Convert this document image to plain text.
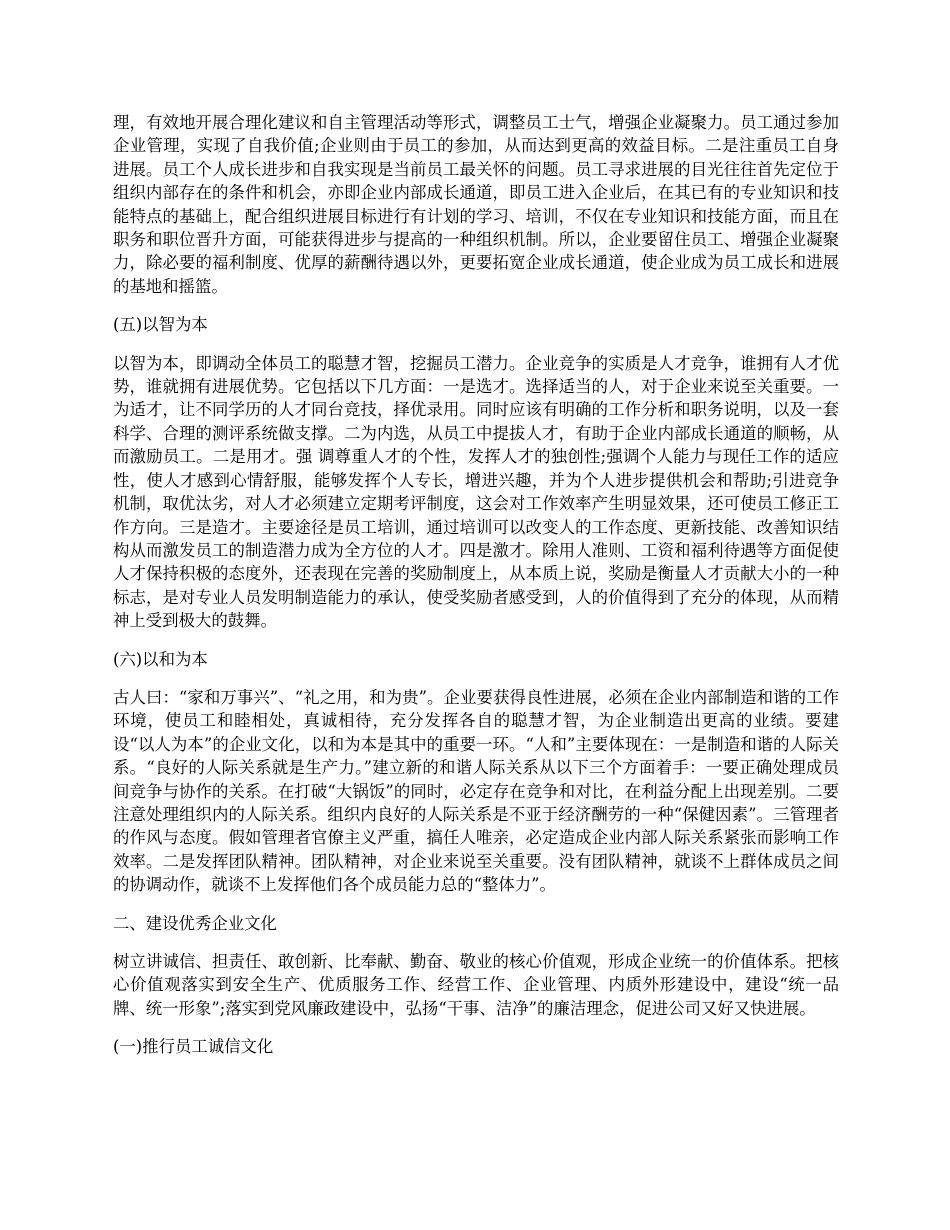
理，有效地开展合理化建议和自主管理活动等形式，调整员工士气，增强企业凝聚力。员工通过参加企业管理，实现了自我价值;企业则由于员工的参加，从而达到更高的效益目标。二是注重员工自身进展。员工个人成长进步和自我实现是当前员工最关怀的问题。员工寻求进展的目光往往首先定位于组织内部存在的条件和机会，亦即企业内部成长通道，即员工进入企业后，在其已有的专业知识和技能特点的基础上，配合组织进展目标进行有计划的学习、培训，不仅在专业知识和技能方面，而且在职务和职位晋升方面，可能获得进步与提高的一种组织机制。所以，企业要留住员工、增强企业凝聚力，除必要的福利制度、优厚的薪酬待遇以外，更要拓宽企业成长通道，使企业成为员工成长和进展的基地和摇篮。

(五)以智为本

以智为本，即调动全体员工的聪慧才智，挖掘员工潜力。企业竞争的实质是人才竞争，谁拥有人才优势，谁就拥有进展优势。它包括以下几方面：一是选才。选择适当的人，对于企业来说至关重要。一为适才，让不同学历的人才同台竞技，择优录用。同时应该有明确的工作分析和职务说明，以及一套科学、合理的测评系统做支撑。二为内选，从员工中提拔人才，有助于企业内部成长通道的顺畅，从而激励员工。二是用才。强 调尊重人才的个性，发挥人才的独创性;强调个人能力与现任工作的适应性，使人才感到心情舒服，能够发挥个人专长，增进兴趣，并为个人进步提供机会和帮助;引进竞争机制，取优汰劣，对人才必须建立定期考评制度，这会对工作效率产生明显效果，还可使员工修正工作方向。三是造才。主要途径是员工培训，通过培训可以改变人的工作态度、更新技能、改善知识结构从而激发员工的制造潜力成为全方位的人才。四是激才。除用人准则、工资和福利待遇等方面促使人才保持积极的态度外，还表现在完善的奖励制度上，从本质上说，奖励是衡量人才贡献大小的一种标志，是对专业人员发明制造能力的承认，使受奖励者感受到，人的价值得到了充分的体现，从而精神上受到极大的鼓舞。

(六)以和为本

古人曰：“家和万事兴”、“礼之用，和为贵”。企业要获得良性进展，必须在企业内部制造和谐的工作环境，使员工和睦相处，真诚相待，充分发挥各自的聪慧才智，为企业制造出更高的业绩。要建设“以人为本”的企业文化，以和为本是其中的重要一环。“人和”主要体现在：一是制造和谐的人际关系。“良好的人际关系就是生产力。”建立新的和谐人际关系从以下三个方面着手：一要正确处理成员间竞争与协作的关系。在打破“大锅饭”的同时，必定存在竞争和对比，在利益分配上出现差别。二要注意处理组织内的人际关系。组织内良好的人际关系是不亚于经济酬劳的一种“保健因素”。三管理者的作风与态度。假如管理者官僚主义严重，搞任人唯亲，必定造成企业内部人际关系紧张而影响工作效率。二是发挥团队精神。团队精神，对企业来说至关重要。没有团队精神，就谈不上群体成员之间的协调动作，就谈不上发挥他们各个成员能力总的“整体力”。

二、建设优秀企业文化

树立讲诚信、担责任、敢创新、比奉献、勤奋、敬业的核心价值观，形成企业统一的价值体系。把核心价值观落实到安全生产、优质服务工作、经营工作、企业管理、内质外形建设中，建设“统一品牌、统一形象”;落实到党风廉政建设中，弘扬“干事、洁净”的廉洁理念，促进公司又好又快进展。

(一)推行员工诚信文化
